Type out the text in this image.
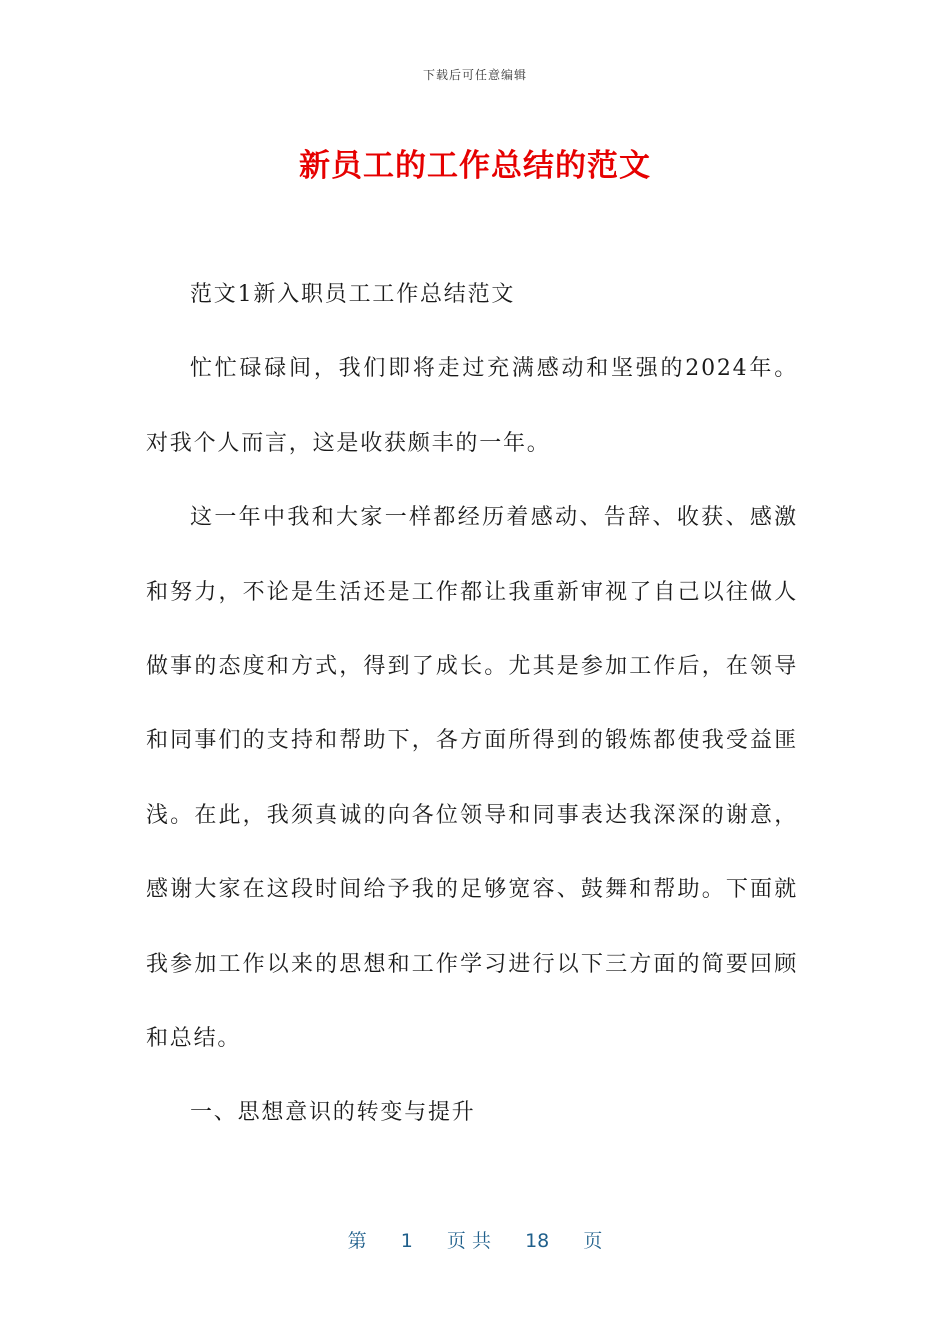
下载后可任意编辑
新员工的工作总结的范文

范文1新入职员工工作总结范文

忙忙碌碌间，我们即将走过充满感动和坚强的2024年。对我个人而言，这是收获颇丰的一年。

这一年中我和大家一样都经历着感动、告辞、收获、感激和努力，不论是生活还是工作都让我重新审视了自己以往做人做事的态度和方式，得到了成长。尤其是参加工作后，在领导和同事们的支持和帮助下，各方面所得到的锻炼都使我受益匪浅。在此，我须真诚的向各位领导和同事表达我深深的谢意，感谢大家在这段时间给予我的足够宽容、鼓舞和帮助。下面就我参加工作以来的思想和工作学习进行以下三方面的简要回顾和总结。

一、思想意识的转变与提升

第 1 页 共 18 页
